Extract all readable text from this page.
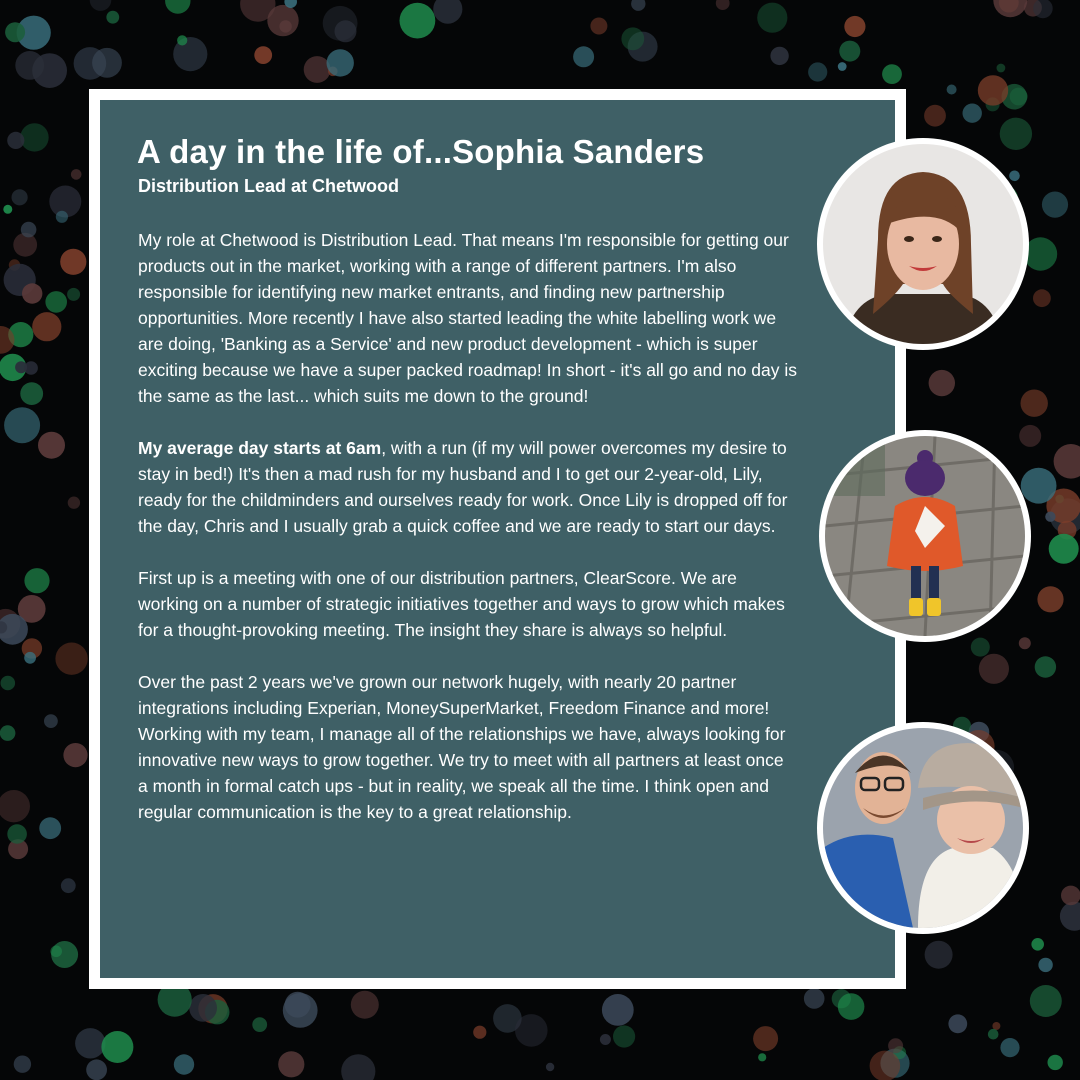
A day in the life of...Sophia Sanders
Distribution Lead at Chetwood

My role at Chetwood is Distribution Lead. That means I'm responsible for getting our products out in the market, working with a range of different partners. I'm also responsible for identifying new market entrants, and finding new partnership opportunities. More recently I have also started leading the white labelling work we are doing, 'Banking as a Service' and new product development - which is super exciting because we have a super packed roadmap! In short - it's all go and no day is the same as the last... which suits me down to the ground!

My average day starts at 6am, with a run (if my will power overcomes my desire to stay in bed!) It's then a mad rush for my husband and I to get our 2-year-old, Lily, ready for the childminders and ourselves ready for work. Once Lily is dropped off for the day, Chris and I usually grab a quick coffee and we are ready to start our days.

First up is a meeting with one of our distribution partners, ClearScore. We are working on a number of strategic initiatives together and ways to grow which makes for a thought-provoking meeting. The insight they share is always so helpful.

Over the past 2 years we've grown our network hugely, with nearly 20 partner integrations including Experian, MoneySuperMarket, Freedom Finance and more! Working with my team, I manage all of the relationships we have, always looking for innovative new ways to grow together. We try to meet with all partners at least once a month in formal catch ups - but in reality, we speak all the time. I think open and regular communication is the key to a great relationship.
